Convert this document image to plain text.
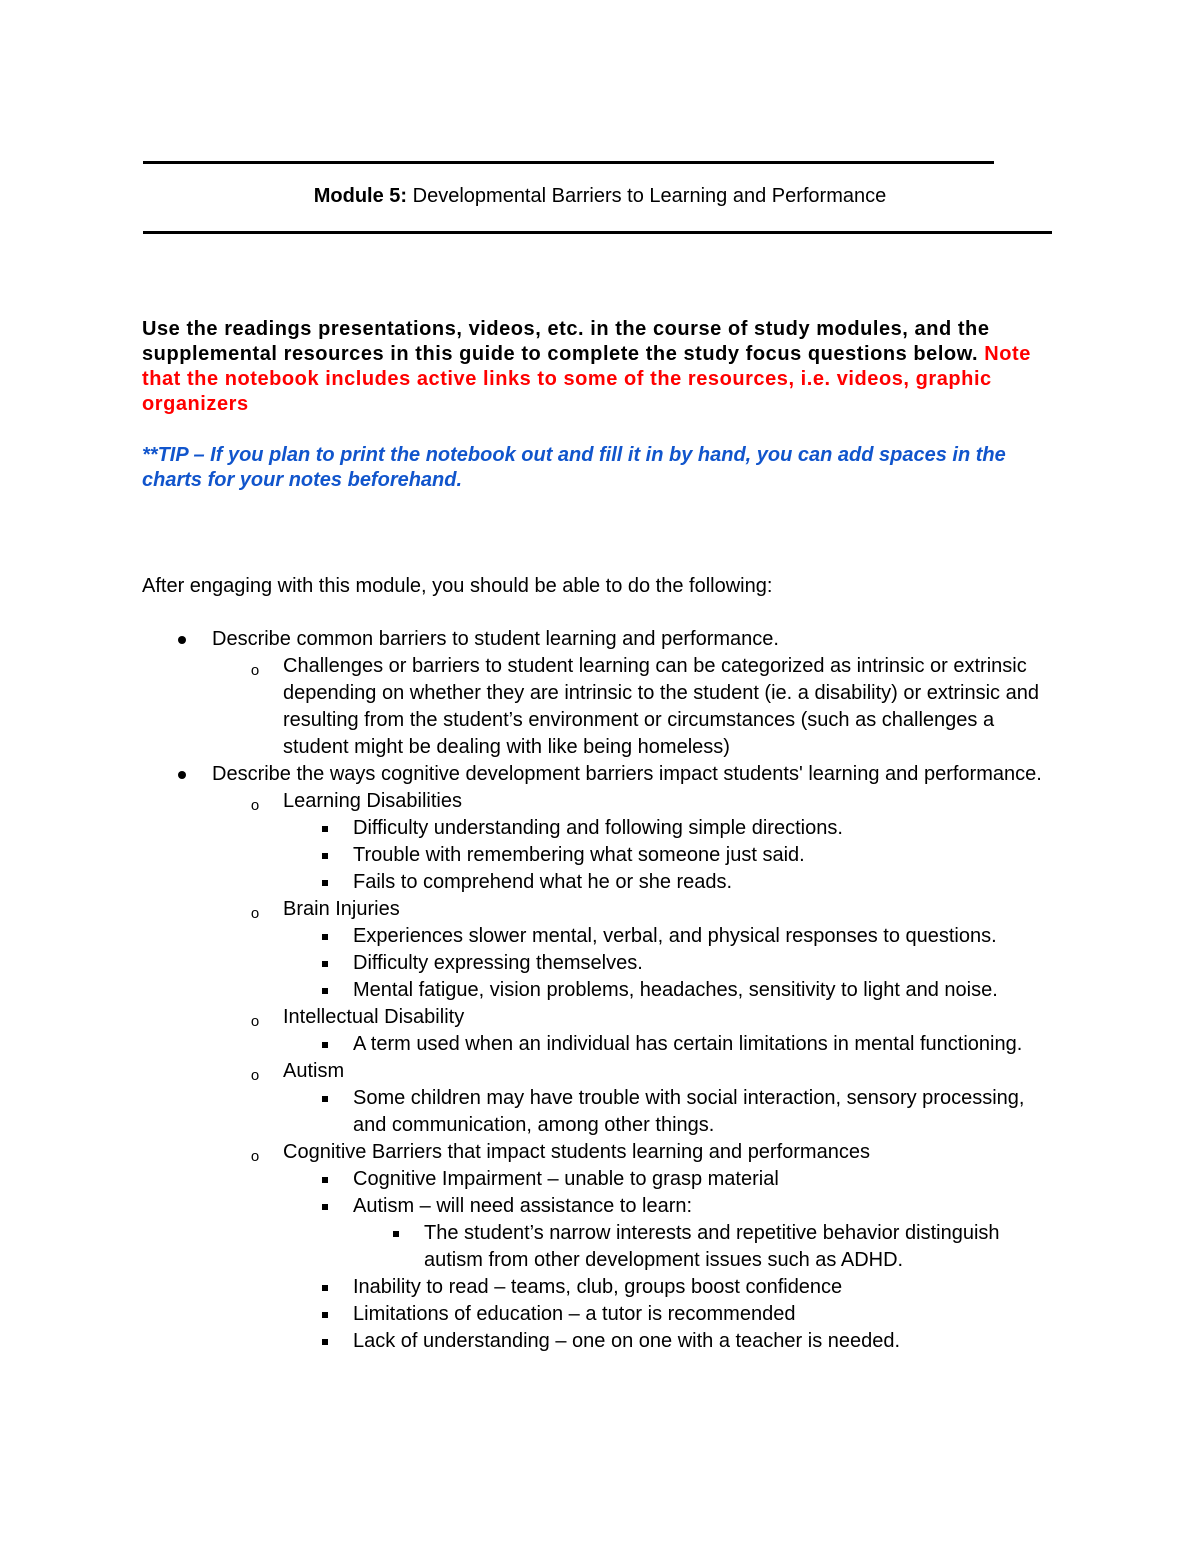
Module 5: Developmental Barriers to Learning and Performance
Use the readings presentations, videos, etc. in the course of study modules, and the supplemental resources in this guide to complete the study focus questions below. Note that the notebook includes active links to some of the resources, i.e. videos, graphic organizers
**TIP – If you plan to print the notebook out and fill it in by hand, you can add spaces in the charts for your notes beforehand.
After engaging with this module, you should be able to do the following:
Describe common barriers to student learning and performance.
o Challenges or barriers to student learning can be categorized as intrinsic or extrinsic depending on whether they are intrinsic to the student (ie. a disability) or extrinsic and resulting from the student’s environment or circumstances (such as challenges a student might be dealing with like being homeless)
Describe the ways cognitive development barriers impact students' learning and performance.
o Learning Disabilities
Difficulty understanding and following simple directions.
Trouble with remembering what someone just said.
Fails to comprehend what he or she reads.
o Brain Injuries
Experiences slower mental, verbal, and physical responses to questions.
Difficulty expressing themselves.
Mental fatigue, vision problems, headaches, sensitivity to light and noise.
o Intellectual Disability
A term used when an individual has certain limitations in mental functioning.
o Autism
Some children may have trouble with social interaction, sensory processing, and communication, among other things.
o Cognitive Barriers that impact students learning and performances
Cognitive Impairment – unable to grasp material
Autism – will need assistance to learn:
The student’s narrow interests and repetitive behavior distinguish autism from other development issues such as ADHD.
Inability to read – teams, club, groups boost confidence
Limitations of education – a tutor is recommended
Lack of understanding – one on one with a teacher is needed.
